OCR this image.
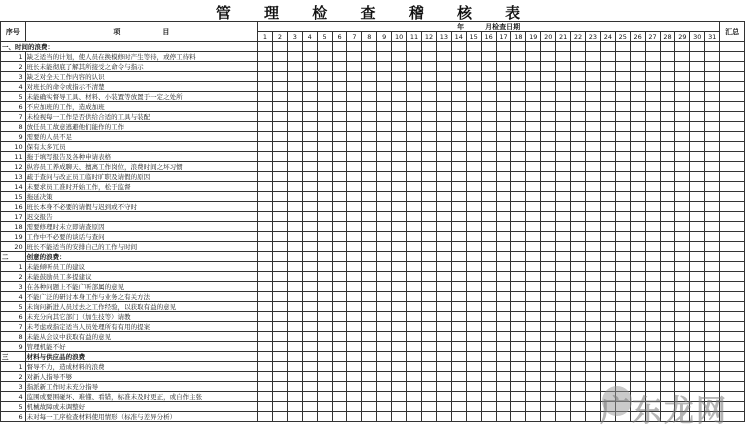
管 理 检 查 稽 核 表
序号	项　　　　　　目	年　　　月检查日期																															汇总
		1	2	3	4	5	6	7	8	9	10	11	12	13	14	15	16	17	18	19	20	21	22	23	24	25	26	27	28	29	30	31	
一、时间的浪费：																																	
1	缺乏适当的计划，使人员在换模修时产生等待，或停工待料																																
2	班长未能彻底了解其所接受之命令与指示																																
3	缺乏对全天工作内容的认识																																
4	对班长的命令或指示不清楚																																
5	未能确实督导工具、材料、小装置等放置于一定之处所																																
6	不应加班的工作，造成加班																																
7	未检视每一工作是否供给合适的工具与装配																																
8	放任员工故意逃避他们能作的工作																																
9	需要的人员不足																																
10	保有太多冗员																																
11	拖于填写报告及各种申请表格																																
12	纵容员工养成聊天、擅离工作岗位，浪费时间之坏习惯																																
13	疏于查问与改正员工临时旷职及请假的原因																																
14	未要求员工准时开始工作，松于监督																																
15	拖延决策																																
16	班长本身不必要的请假与迟到或不守时																																
17	迟交报告																																
18	需要修理时未立即请查原因																																
19	工作中不必要的谈话与查问																																
20	班长不能适当的安排自己的工作与时间																																
二	创意的浪费：																																
1	未能倾听员工的建议																																
2	未能鼓励员工多提建议																																
3	在各种问题上不能广听部属的意见																																
4	不能广泛的研讨本身工作与业务之有关方法																																
5	未询问新进人员过去之工作经验，以获取有益的意见																																
6	未充分向其它部门（加生技等）请教																																
7	未考虑或指定适当人员处理所有有用的提案																																
8	未能从会议中获取有益的意见																																
9	管理机能不好																																
三	材料与供应品的浪费																																
1	督导不力，造成材料的浪费																																
2	对新人指导不够																																
3	指派新工作时未充分指导																																
4	监围或要围碰坏、难懂、看错，标准未及时更正，或自作主张																																
5	机械故障或未调整好																																
6	未对每一工序检查材料使用情形（标准与差异分析）																																	广东龙网
